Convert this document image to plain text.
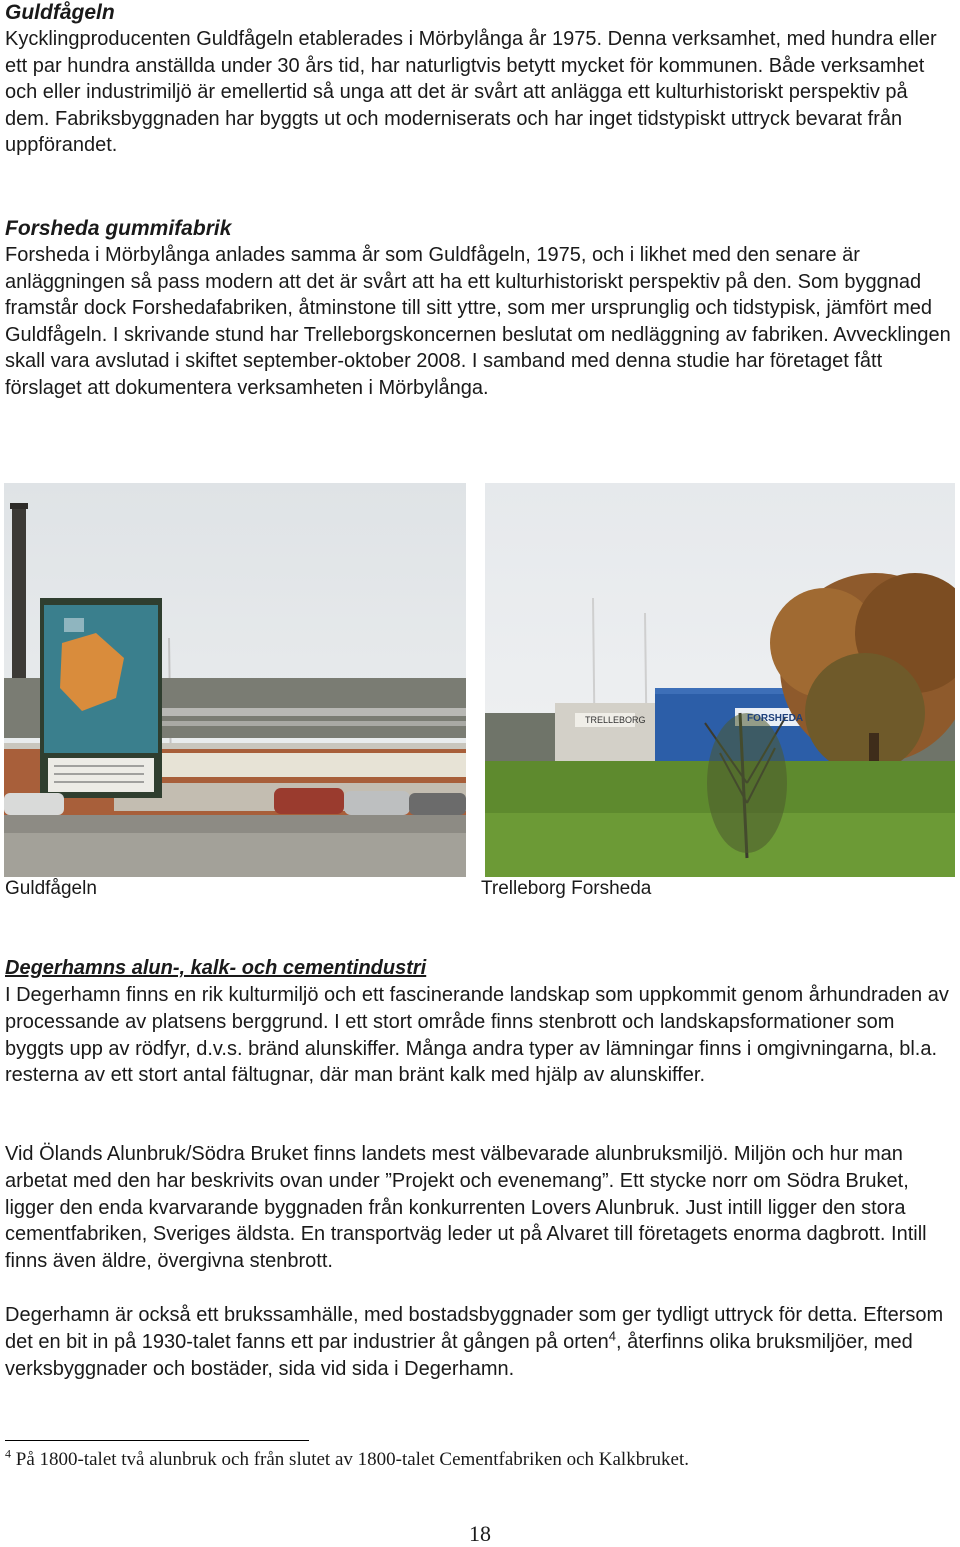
Guldfågeln

Kycklingproducenten Guldfågeln etablerades i Mörbylånga år 1975. Denna verksamhet, med hundra eller ett par hundra anställda under 30 års tid, har naturligtvis betytt mycket för kommunen. Både verksamhet och eller industrimiljö är emellertid så unga att det är svårt att anlägga ett kulturhistoriskt perspektiv på dem. Fabriksbyggnaden har byggts ut och moderniserats och har inget tidstypiskt uttryck bevarat från uppförandet.

Forsheda gummifabrik

Forsheda i Mörbylånga anlades samma år som Guldfågeln, 1975, och i likhet med den senare är anläggningen så pass modern att det är svårt att ha ett kulturhistoriskt perspektiv på den. Som byggnad framstår dock Forshedafabriken, åtminstone till sitt yttre, som mer ursprunglig och tidstypisk, jämfört med Guldfågeln. I skrivande stund har Trelleborgskoncernen beslutat om nedläggning av fabriken. Avvecklingen skall vara avslutad i skiftet september-oktober 2008. I samband med denna studie har företaget fått förslaget att dokumentera verksamheten i Mörbylånga.

TRELLEBORG	FORSHEDA
Guldfågeln	Trelleborg Forsheda

Degerhamns alun-, kalk- och cementindustri

I Degerhamn finns en rik kulturmiljö och ett fascinerande landskap som uppkommit genom århundraden av processande av platsens berggrund. I ett stort område finns stenbrott och landskapsformationer som byggts upp av rödfyr, d.v.s. bränd alunskiffer. Många andra typer av lämningar finns i omgivningarna, bl.a. resterna av ett stort antal fältugnar, där man bränt kalk med hjälp av alunskiffer.

Vid Ölands Alunbruk/Södra Bruket finns landets mest välbevarade alunbruksmiljö. Miljön och hur man arbetat med den har beskrivits ovan under ”Projekt och evenemang”. Ett stycke norr om Södra Bruket, ligger den enda kvarvarande byggnaden från konkurrenten Lovers Alunbruk. Just intill ligger den stora cementfabriken, Sveriges äldsta. En transportväg leder ut på Alvaret till företagets enorma dagbrott. Intill finns även äldre, övergivna stenbrott.

Degerhamn är också ett brukssamhälle, med bostadsbyggnader som ger tydligt uttryck för detta. Eftersom det en bit in på 1930-talet fanns ett par industrier åt gången på orten$^4$, återfinns olika bruksmiljöer, med verksbyggnader och bostäder, sida vid sida i Degerhamn.

$^4$ På 1800-talet två alunbruk och från slutet av 1800-talet Cementfabriken och Kalkbruket.
18
